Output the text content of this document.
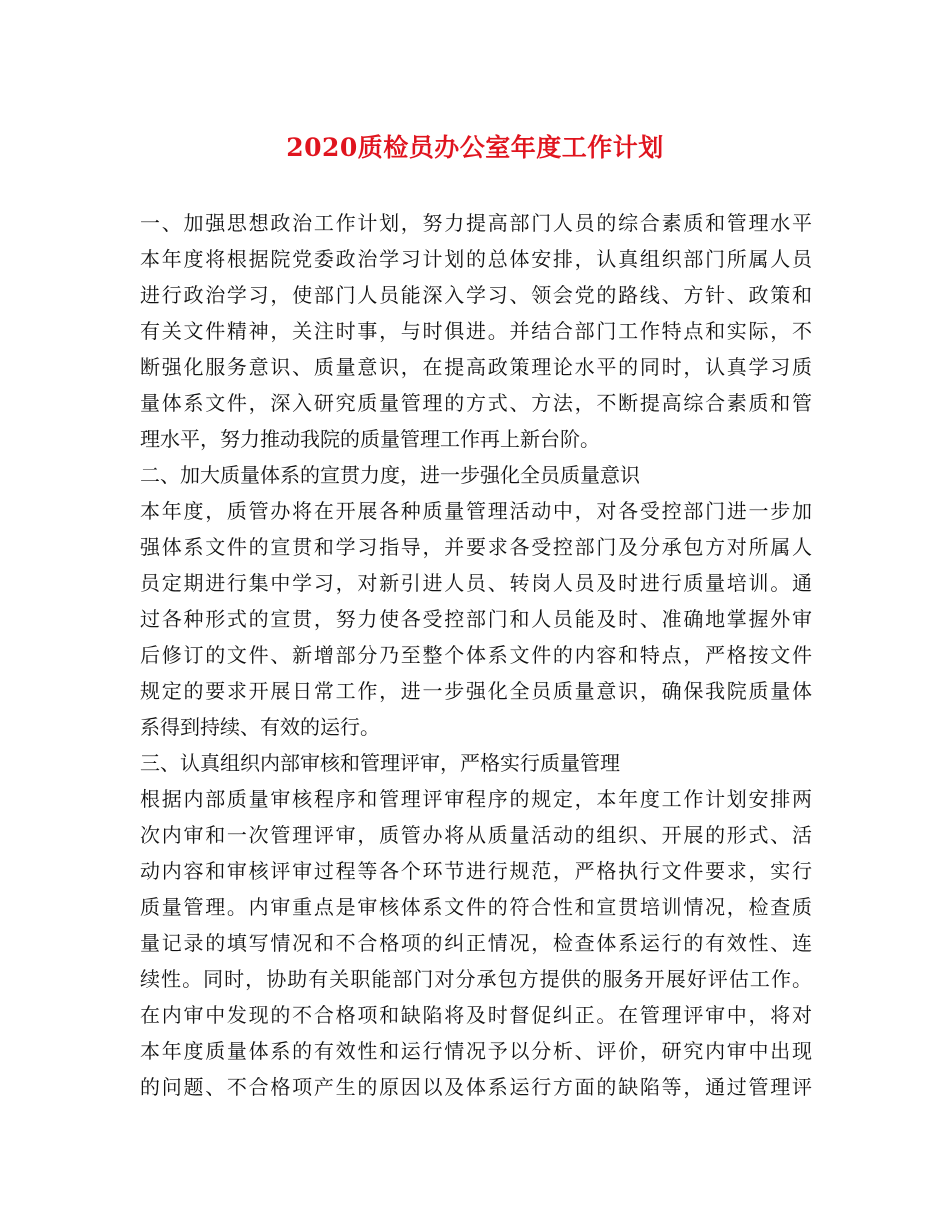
2020质检员办公室年度工作计划
一、加强思想政治工作计划，努力提高部门人员的综合素质和管理水平
本年度将根据院党委政治学习计划的总体安排，认真组织部门所属人员
进行政治学习，使部门人员能深入学习、领会党的路线、方针、政策和
有关文件精神，关注时事，与时俱进。并结合部门工作特点和实际，不
断强化服务意识、质量意识，在提高政策理论水平的同时，认真学习质
量体系文件，深入研究质量管理的方式、方法，不断提高综合素质和管
理水平，努力推动我院的质量管理工作再上新台阶。
二、加大质量体系的宣贯力度，进一步强化全员质量意识
本年度，质管办将在开展各种质量管理活动中，对各受控部门进一步加
强体系文件的宣贯和学习指导，并要求各受控部门及分承包方对所属人
员定期进行集中学习，对新引进人员、转岗人员及时进行质量培训。通
过各种形式的宣贯，努力使各受控部门和人员能及时、准确地掌握外审
后修订的文件、新增部分乃至整个体系文件的内容和特点，严格按文件
规定的要求开展日常工作，进一步强化全员质量意识，确保我院质量体
系得到持续、有效的运行。
三、认真组织内部审核和管理评审，严格实行质量管理
根据内部质量审核程序和管理评审程序的规定，本年度工作计划安排两
次内审和一次管理评审，质管办将从质量活动的组织、开展的形式、活
动内容和审核评审过程等各个环节进行规范，严格执行文件要求，实行
质量管理。内审重点是审核体系文件的符合性和宣贯培训情况，检查质
量记录的填写情况和不合格项的纠正情况，检查体系运行的有效性、连
续性。同时，协助有关职能部门对分承包方提供的服务开展好评估工作。
在内审中发现的不合格项和缺陷将及时督促纠正。在管理评审中，将对
本年度质量体系的有效性和运行情况予以分析、评价，研究内审中出现
的问题、不合格项产生的原因以及体系运行方面的缺陷等，通过管理评
